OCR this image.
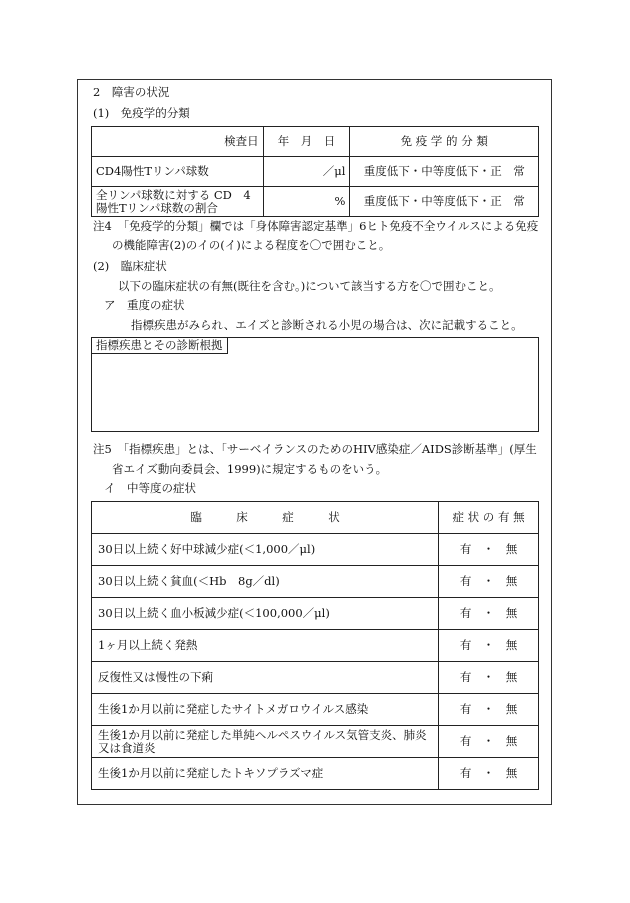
2　障害の状況
(1)　免疫学的分類
検査日	年　月　日	免 疫 学 的 分 類
CD4陽性Tリンパ球数	／μl	重度低下・中等度低下・正　常

全リンパ球数に対する CD　4
陽性Tリンパ球数の割合	%	重度低下・中等度低下・正　常
注4　「免疫学的分類」欄では「身体障害認定基準」6ヒト免疫不全ウイルスによる免疫
の機能障害(2)のイの(イ)による程度を〇で囲むこと。
(2)　臨床症状
以下の臨床症状の有無(既往を含む。)について該当する方を〇で囲むこと。
ア　重度の症状
指標疾患がみられ、エイズと診断される小児の場合は、次に記載すること。
指標疾患とその診断根拠
注5　「指標疾患」とは、「サーベイランスのためのHIV感染症／AIDS診断基準」(厚生
省エイズ動向委員会、1999)に規定するものをいう。
イ　中等度の症状
臨　　　床　　　症　　　状	症 状 の 有 無
30日以上続く好中球減少症(＜1,000／μl)	有　・　無
30日以上続く貧血(＜Hb　8g／dl)	有　・　無
30日以上続く血小板減少症(＜100,000／μl)	有　・　無
1ヶ月以上続く発熱	有　・　無
反復性又は慢性の下痢	有　・　無
生後1か月以前に発症したサイトメガロウイルス感染	有　・　無
生後1か月以前に発症した単純ヘルペスウイルス気管支炎、肺炎又は食道炎	有　・　無
生後1か月以前に発症したトキソプラズマ症	有　・　無
